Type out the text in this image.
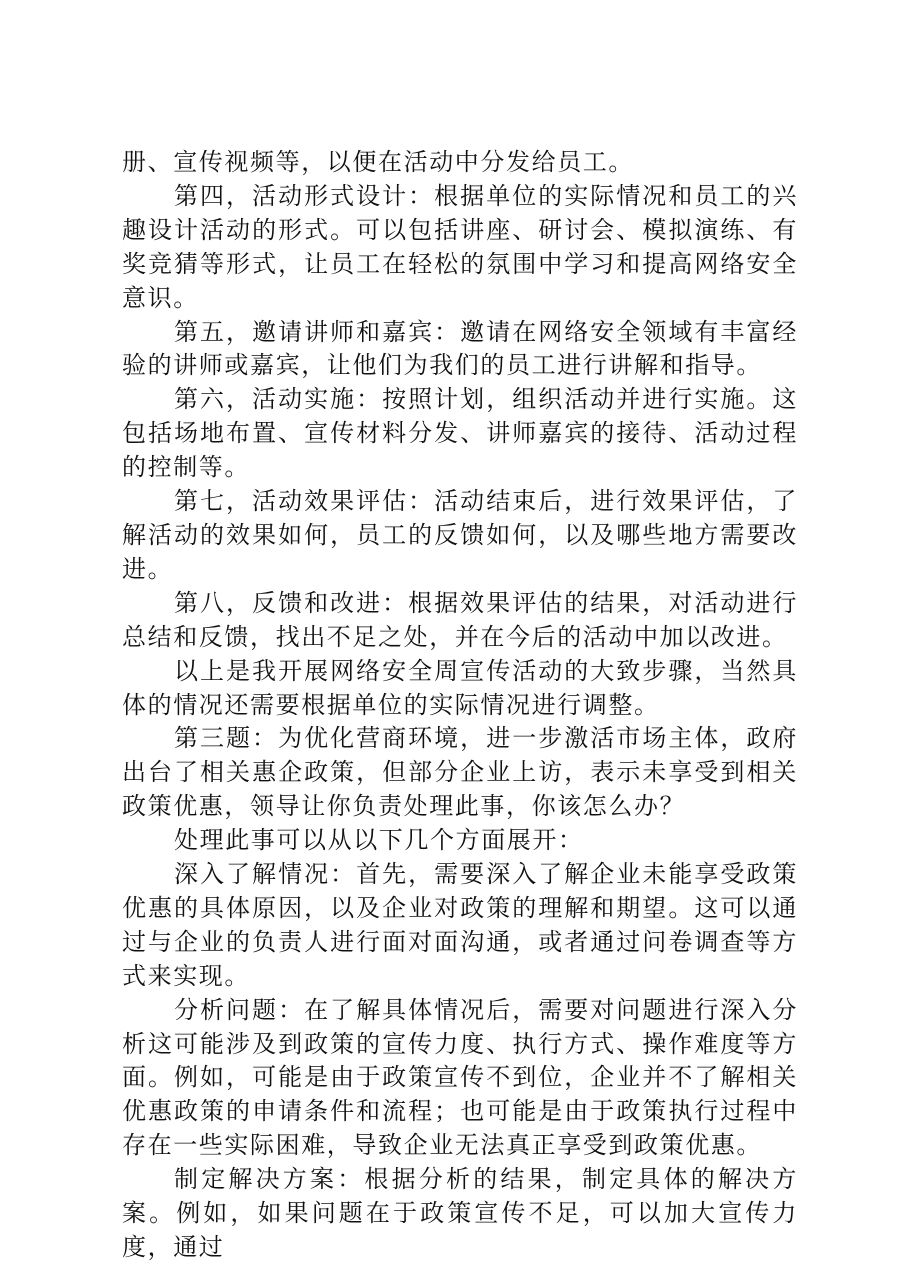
册、宣传视频等，以便在活动中分发给员工。

第四，活动形式设计：根据单位的实际情况和员工的兴趣设计活动的形式。可以包括讲座、研讨会、模拟演练、有奖竞猜等形式，让员工在轻松的氛围中学习和提高网络安全意识。

第五，邀请讲师和嘉宾：邀请在网络安全领域有丰富经验的讲师或嘉宾，让他们为我们的员工进行讲解和指导。

第六，活动实施：按照计划，组织活动并进行实施。这包括场地布置、宣传材料分发、讲师嘉宾的接待、活动过程的控制等。

第七，活动效果评估：活动结束后，进行效果评估，了解活动的效果如何，员工的反馈如何，以及哪些地方需要改进。

第八，反馈和改进：根据效果评估的结果，对活动进行总结和反馈，找出不足之处，并在今后的活动中加以改进。

以上是我开展网络安全周宣传活动的大致步骤，当然具体的情况还需要根据单位的实际情况进行调整。

第三题：为优化营商环境，进一步激活市场主体，政府出台了相关惠企政策，但部分企业上访，表示未享受到相关政策优惠，领导让你负责处理此事，你该怎么办？

处理此事可以从以下几个方面展开：

深入了解情况：首先，需要深入了解企业未能享受政策优惠的具体原因，以及企业对政策的理解和期望。这可以通过与企业的负责人进行面对面沟通，或者通过问卷调查等方式来实现。

分析问题：在了解具体情况后，需要对问题进行深入分析这可能涉及到政策的宣传力度、执行方式、操作难度等方面。例如，可能是由于政策宣传不到位，企业并不了解相关优惠政策的申请条件和流程；也可能是由于政策执行过程中存在一些实际困难，导致企业无法真正享受到政策优惠。

制定解决方案：根据分析的结果，制定具体的解决方案。例如，如果问题在于政策宣传不足，可以加大宣传力度，通过
